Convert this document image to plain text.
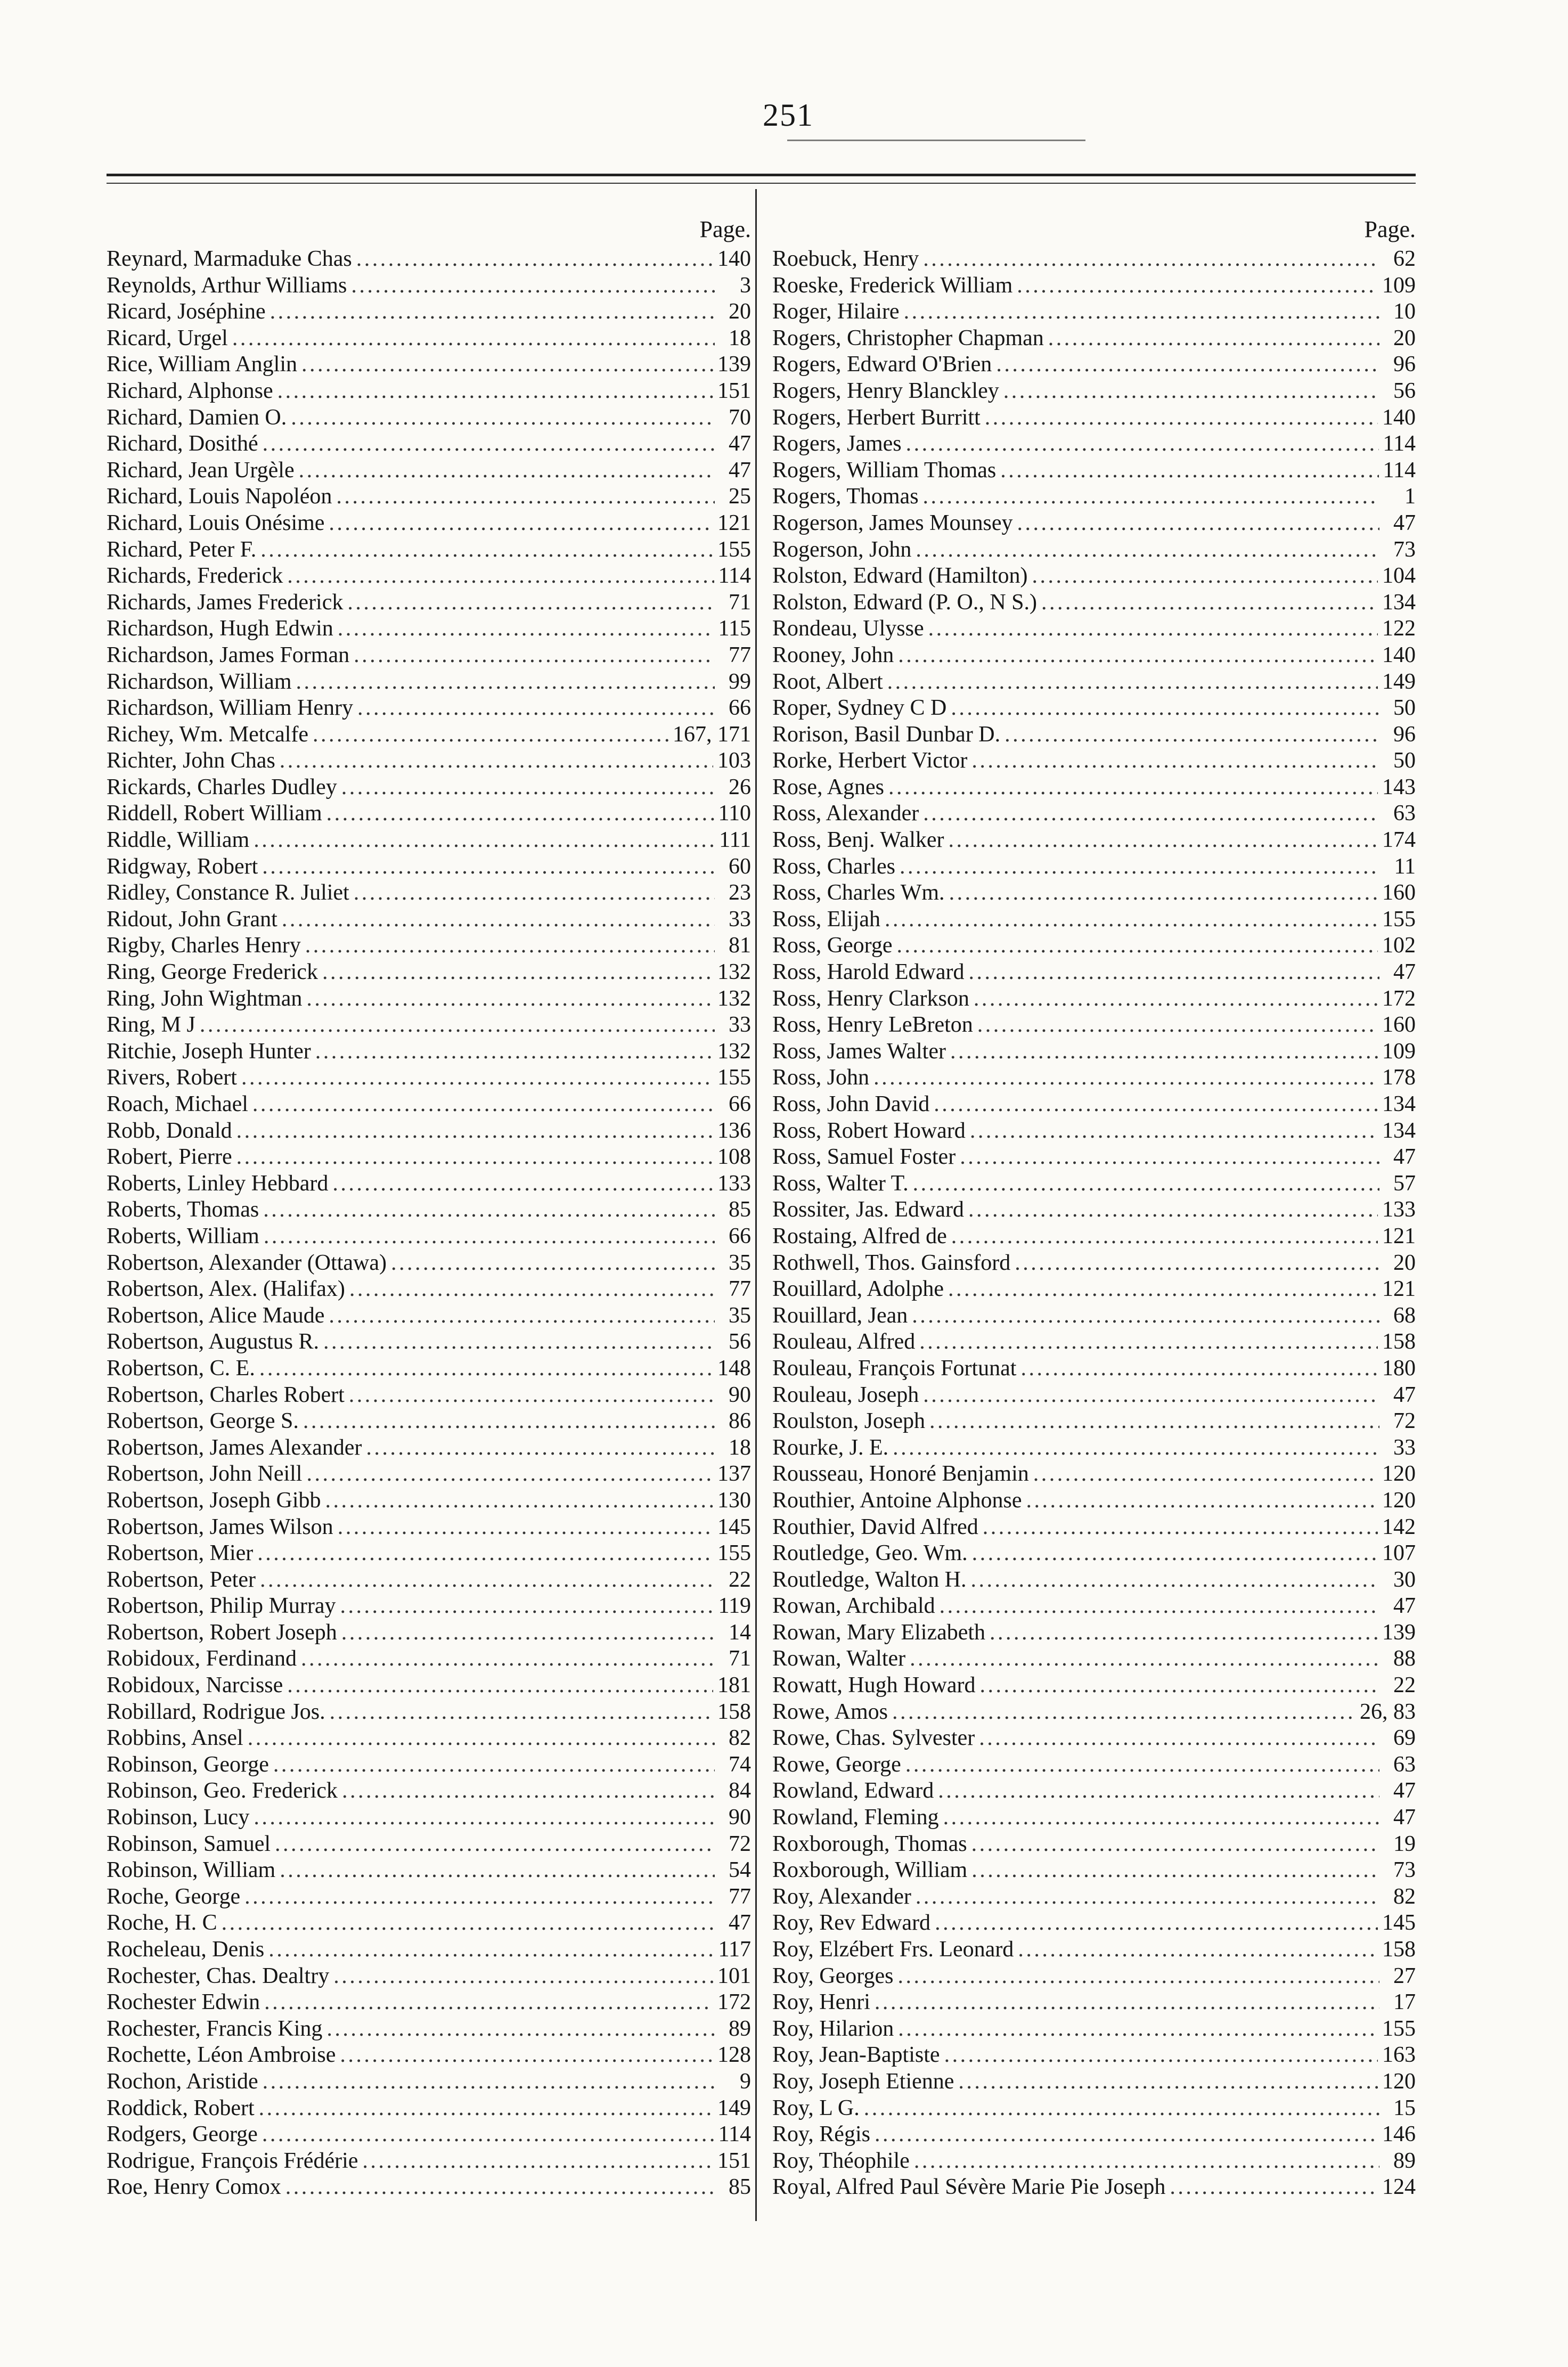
251
Page.
Reynard, Marmaduke Chas . . .	140
Reynolds, Arthur Williams . . .	3
Ricard, Joséphine . . .	20
Ricard, Urgel . . .	18
Rice, William Anglin . . .	139
Richard, Alphonse . . .	151
Richard, Damien O. . . .	70
Richard, Dosithé . . .	47
Richard, Jean Urgèle . . .	47
Richard, Louis Napoléon . . .	25
Richard, Louis Onésime . . .	121
Richard, Peter F. . . .	155
Richards, Frederick . . .	114
Richards, James Frederick . . .	71
Richardson, Hugh Edwin . . .	115
Richardson, James Forman . . .	77
Richardson, William . . .	99
Richardson, William Henry . . .	66
Richey, Wm. Metcalfe . . .	167, 171
Richter, John Chas . . .	103
Rickards, Charles Dudley . . .	26
Riddell, Robert William . . .	110
Riddle, William . . .	111
Ridgway, Robert . . .	60
Ridley, Constance R. Juliet . . .	23
Ridout, John Grant . . .	33
Rigby, Charles Henry . . .	81
Ring, George Frederick . . .	132
Ring, John Wightman . . .	132
Ring, M J . . .	33
Ritchie, Joseph Hunter . . .	132
Rivers, Robert . . .	155
Roach, Michael . . .	66
Robb, Donald . . .	136
Robert, Pierre . . .	108
Roberts, Linley Hebbard . . .	133
Roberts, Thomas . . .	85
Roberts, William . . .	66
Robertson, Alexander (Ottawa) . . .	35
Robertson, Alex. (Halifax) . . .	77
Robertson, Alice Maude . . .	35
Robertson, Augustus R. . . .	56
Robertson, C. E. . . .	148
Robertson, Charles Robert . . .	90
Robertson, George S. . . .	86
Robertson, James Alexander . . .	18
Robertson, John Neill . . .	137
Robertson, Joseph Gibb . . .	130
Robertson, James Wilson . . .	145
Robertson, Mier . . .	155
Robertson, Peter . . .	22
Robertson, Philip Murray . . .	119
Robertson, Robert Joseph . . .	14
Robidoux, Ferdinand . . .	71
Robidoux, Narcisse . . .	181
Robillard, Rodrigue Jos. . . .	158
Robbins, Ansel . . .	82
Robinson, George . . .	74
Robinson, Geo. Frederick . . .	84
Robinson, Lucy . . .	90
Robinson, Samuel . . .	72
Robinson, William . . .	54
Roche, George . . .	77
Roche, H. C . . .	47
Rocheleau, Denis . . .	117
Rochester, Chas. Dealtry . . .	101
Rochester Edwin . . .	172
Rochester, Francis King . . .	89
Rochette, Léon Ambroise . . .	128
Rochon, Aristide . . .	9
Roddick, Robert . . .	149
Rodgers, George . . .	114
Rodrigue, François Frédérie . . .	151
Roe, Henry Comox . . .	85
Page.
Roebuck, Henry . . .	62
Roeske, Frederick William . . .	109
Roger, Hilaire . . .	10
Rogers, Christopher Chapman . . .	20
Rogers, Edward O'Brien . . .	96
Rogers, Henry Blanckley . . .	56
Rogers, Herbert Burritt . . .	140
Rogers, James . . .	114
Rogers, William Thomas . . .	114
Rogers, Thomas . . .	1
Rogerson, James Mounsey . . .	47
Rogerson, John . . .	73
Rolston, Edward (Hamilton) . . .	104
Rolston, Edward (P. O., N S.) . . .	134
Rondeau, Ulysse . . .	122
Rooney, John . . .	140
Root, Albert . . .	149
Roper, Sydney C D . . .	50
Rorison, Basil Dunbar D. . . .	96
Rorke, Herbert Victor . . .	50
Rose, Agnes . . .	143
Ross, Alexander . . .	63
Ross, Benj. Walker . . .	174
Ross, Charles . . .	11
Ross, Charles Wm. . . .	160
Ross, Elijah . . .	155
Ross, George . . .	102
Ross, Harold Edward . . .	47
Ross, Henry Clarkson . . .	172
Ross, Henry LeBreton . . .	160
Ross, James Walter . . .	109
Ross, John . . .	178
Ross, John David . . .	134
Ross, Robert Howard . . .	134
Ross, Samuel Foster . . .	47
Ross, Walter T. . . .	57
Rossiter, Jas. Edward . . .	133
Rostaing, Alfred de . . .	121
Rothwell, Thos. Gainsford . . .	20
Rouillard, Adolphe . . .	121
Rouillard, Jean . . .	68
Rouleau, Alfred . . .	158
Rouleau, François Fortunat . . .	180
Rouleau, Joseph . . .	47
Roulston, Joseph . . .	72
Rourke, J. E. . . .	33
Rousseau, Honoré Benjamin . . .	120
Routhier, Antoine Alphonse . . .	120
Routhier, David Alfred . . .	142
Routledge, Geo. Wm. . . .	107
Routledge, Walton H. . . .	30
Rowan, Archibald . . .	47
Rowan, Mary Elizabeth . . .	139
Rowan, Walter . . .	88
Rowatt, Hugh Howard . . .	22
Rowe, Amos . . .	26, 83
Rowe, Chas. Sylvester . . .	69
Rowe, George . . .	63
Rowland, Edward . . .	47
Rowland, Fleming . . .	47
Roxborough, Thomas . . .	19
Roxborough, William . . .	73
Roy, Alexander . . .	82
Roy, Rev Edward . . .	145
Roy, Elzébert Frs. Leonard . . .	158
Roy, Georges . . .	27
Roy, Henri . . .	17
Roy, Hilarion . . .	155
Roy, Jean-Baptiste . . .	163
Roy, Joseph Etienne . . .	120
Roy, L G. . . .	15
Roy, Régis . . .	146
Roy, Théophile . . .	89
Royal, Alfred Paul Sévère Marie Pie Joseph . . .	124
